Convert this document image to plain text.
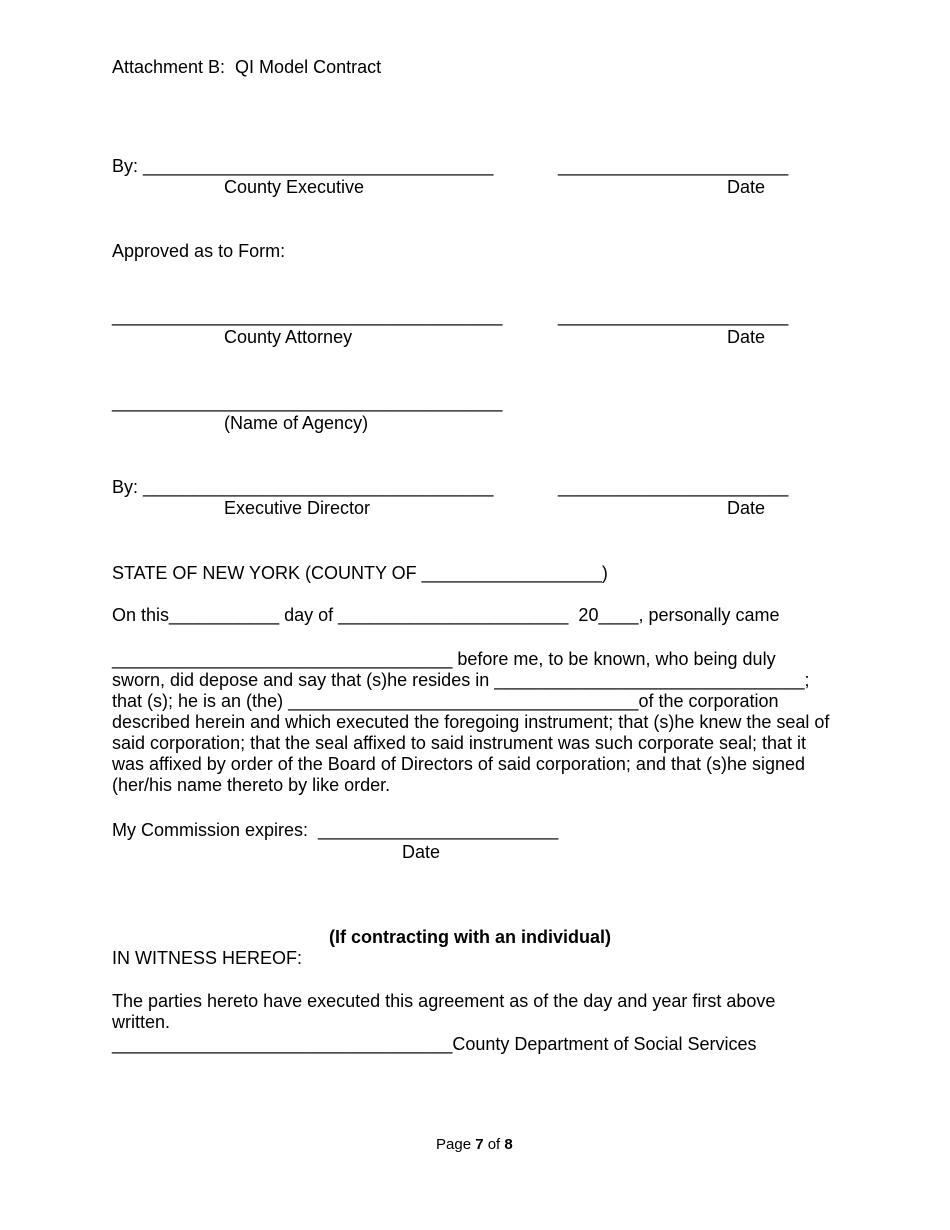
Attachment B:  QI Model Contract
By: ___________________________________	_______________________
County Executive	Date
Approved as to Form:
_______________________________________	_______________________
County Attorney	Date
_______________________________________
(Name of Agency)
By: ___________________________________	_______________________
Executive Director	Date
STATE OF NEW YORK (COUNTY OF __________________)
On this___________ day of _______________________  20____, personally came
__________________________________ before me, to be known, who being duly
sworn, did depose and say that (s)he resides in _______________________________;
that (s); he is an (the) ___________________________________of the corporation
described herein and which executed the foregoing instrument; that (s)he knew the seal of said corporation; that the seal affixed to said instrument was such corporate seal; that it was affixed by order of the Board of Directors of said corporation; and that (s)he signed (her/his name thereto by like order.
My Commission expires:  ________________________
Date
(If contracting with an individual)
IN WITNESS HEREOF:
The parties hereto have executed this agreement as of the day and year first above written.
__________________________________County Department of Social Services
Page 7 of 8
